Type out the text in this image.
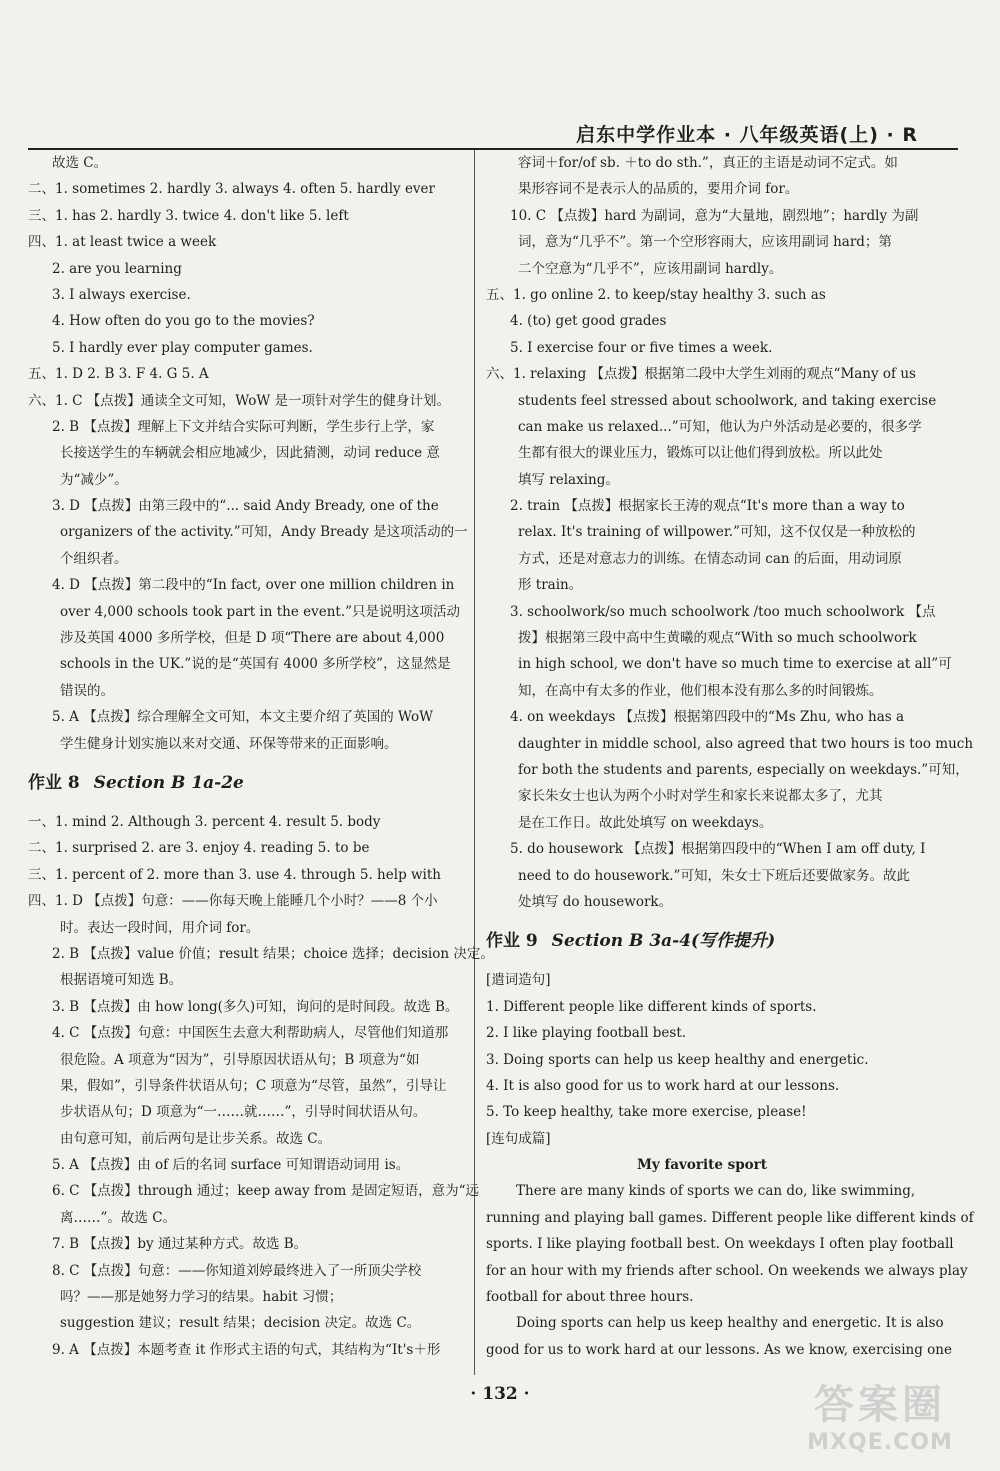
启东中学作业本 · 八年级英语(上) · R
故选 C。
二、1. sometimes 2. hardly 3. always 4. often 5. hardly ever
三、1. has 2. hardly 3. twice 4. don't like 5. left
四、1. at least twice a week
2. are you learning
3. I always exercise.
4. How often do you go to the movies?
5. I hardly ever play computer games.
五、1. D 2. B 3. F 4. G 5. A
六、1. C 【点拨】通读全文可知，WoW 是一项针对学生的健身计划。
2. B 【点拨】理解上下文并结合实际可判断，学生步行上学，家
长接送学生的车辆就会相应地减少，因此猜测，动词 reduce 意
为“减少”。
3. D 【点拨】由第三段中的“... said Andy Bready, one of the
organizers of the activity.”可知，Andy Bready 是这项活动的一
个组织者。
4. D 【点拨】第二段中的“In fact, over one million children in
over 4,000 schools took part in the event.”只是说明这项活动
涉及英国 4000 多所学校，但是 D 项“There are about 4,000
schools in the UK.”说的是“英国有 4000 多所学校”，这显然是
错误的。
5. A 【点拨】综合理解全文可知，本文主要介绍了英国的 WoW
学生健身计划实施以来对交通、环保等带来的正面影响。
作业 8 Section B 1a-2e
一、1. mind 2. Although 3. percent 4. result 5. body
二、1. surprised 2. are 3. enjoy 4. reading 5. to be
三、1. percent of 2. more than 3. use 4. through 5. help with
四、1. D 【点拨】句意：——你每天晚上能睡几个小时？——8 个小
时。表达一段时间，用介词 for。
2. B 【点拨】value 价值；result 结果；choice 选择；decision 决定。
根据语境可知选 B。
3. B 【点拨】由 how long(多久)可知，询问的是时间段。故选 B。
4. C 【点拨】句意：中国医生去意大利帮助病人，尽管他们知道那
很危险。A 项意为“因为”，引导原因状语从句；B 项意为“如
果，假如”，引导条件状语从句；C 项意为“尽管，虽然”，引导让
步状语从句；D 项意为“一……就……”，引导时间状语从句。
由句意可知，前后两句是让步关系。故选 C。
5. A 【点拨】由 of 后的名词 surface 可知谓语动词用 is。
6. C 【点拨】through 通过；keep away from 是固定短语，意为“远
离……”。故选 C。
7. B 【点拨】by 通过某种方式。故选 B。
8. C 【点拨】句意：——你知道刘婷最终进入了一所顶尖学校
吗？——那是她努力学习的结果。habit 习惯；
suggestion 建议；result 结果；decision 决定。故选 C。
9. A 【点拨】本题考查 it 作形式主语的句式，其结构为“It's＋形
容词＋for/of sb. ＋to do sth.”，真正的主语是动词不定式。如
果形容词不是表示人的品质的，要用介词 for。
10. C 【点拨】hard 为副词，意为“大量地，剧烈地”；hardly 为副
词，意为“几乎不”。第一个空形容雨大，应该用副词 hard；第
二个空意为“几乎不”，应该用副词 hardly。
五、1. go online 2. to keep/stay healthy 3. such as
4. (to) get good grades
5. I exercise four or five times a week.
六、1. relaxing 【点拨】根据第二段中大学生刘雨的观点“Many of us
students feel stressed about schoolwork, and taking exercise
can make us relaxed...”可知，他认为户外活动是必要的，很多学
生都有很大的课业压力，锻炼可以让他们得到放松。所以此处
填写 relaxing。
2. train 【点拨】根据家长王涛的观点“It's more than a way to
relax. It's training of willpower.”可知，这不仅仅是一种放松的
方式，还是对意志力的训练。在情态动词 can 的后面，用动词原
形 train。
3. schoolwork/so much schoolwork /too much schoolwork 【点
拨】根据第三段中高中生黄曦的观点“With so much schoolwork
in high school, we don't have so much time to exercise at all”可
知，在高中有太多的作业，他们根本没有那么多的时间锻炼。
4. on weekdays 【点拨】根据第四段中的“Ms Zhu, who has a
daughter in middle school, also agreed that two hours is too much
for both the students and parents, especially on weekdays.”可知，
家长朱女士也认为两个小时对学生和家长来说都太多了，尤其
是在工作日。故此处填写 on weekdays。
5. do housework 【点拨】根据第四段中的“When I am off duty, I
need to do housework.”可知，朱女士下班后还要做家务。故此
处填写 do housework。
作业 9 Section B 3a-4(写作提升)
[遣词造句]
1. Different people like different kinds of sports.
2. I like playing football best.
3. Doing sports can help us keep healthy and energetic.
4. It is also good for us to work hard at our lessons.
5. To keep healthy, take more exercise, please!
[连句成篇]
My favorite sport
There are many kinds of sports we can do, like swimming,
running and playing ball games. Different people like different kinds of
sports. I like playing football best. On weekdays I often play football
for an hour with my friends after school. On weekends we always play
football for about three hours.
Doing sports can help us keep healthy and energetic. It is also
good for us to work hard at our lessons. As we know, exercising one
· 132 ·	答案圈
MXQE.COM
